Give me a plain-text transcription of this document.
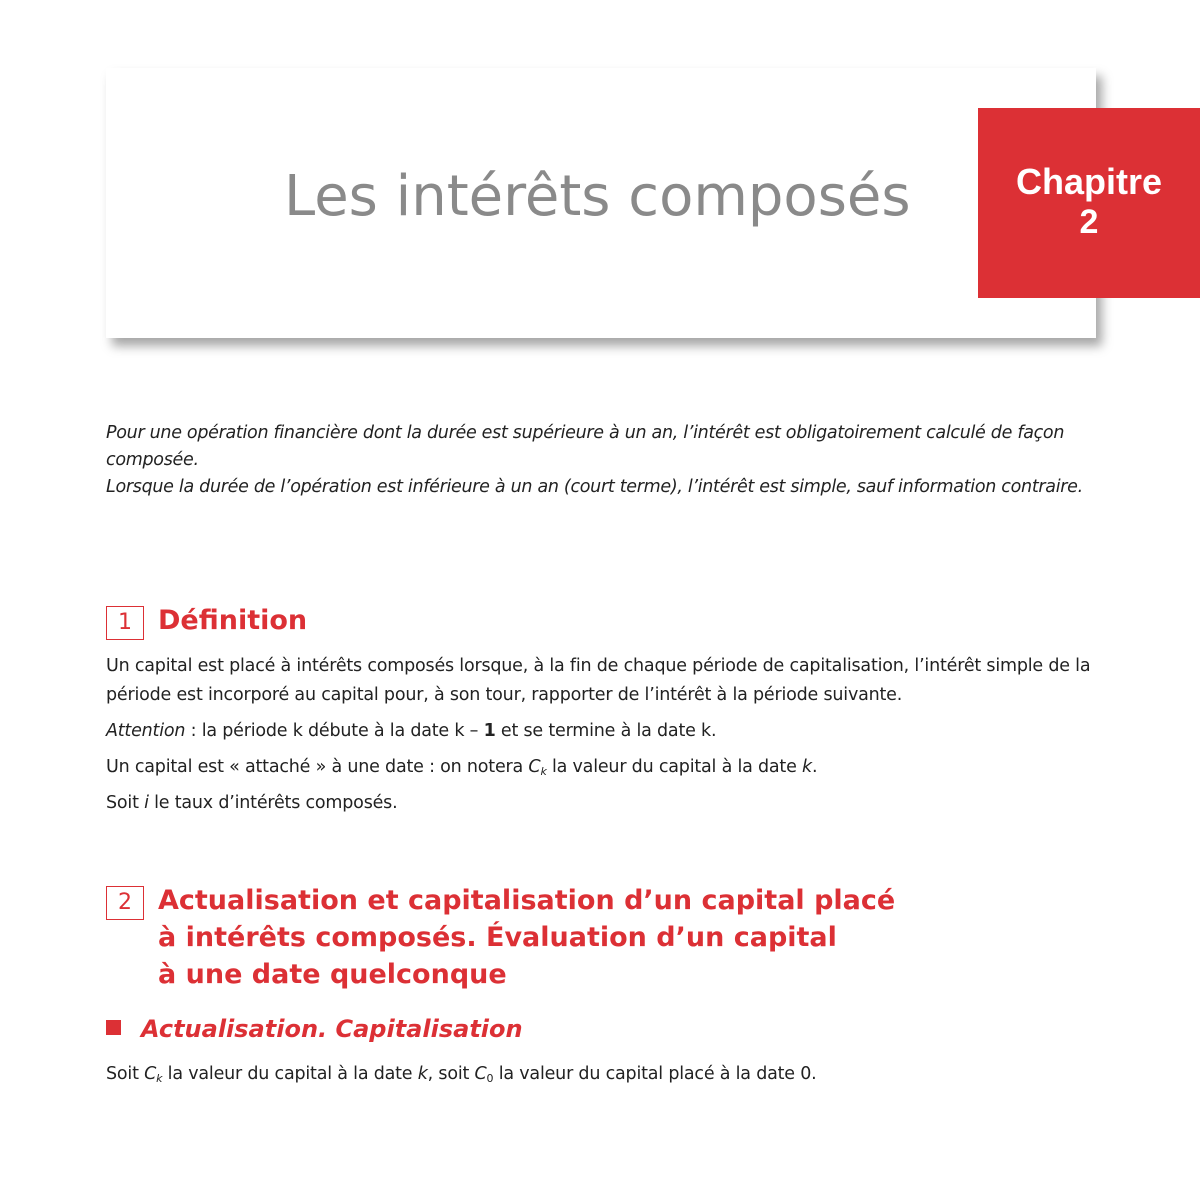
Les intérêts composés	Chapitre
2

Pour une opération financière dont la durée est supérieure à un an, l’intérêt est obligatoirement calculé de façon composée.

Lorsque la durée de l’opération est inférieure à un an (court terme), l’intérêt est simple, sauf information contraire.

1 Définition

Un capital est placé à intérêts composés lorsque, à la fin de chaque période de capitalisation, l’intérêt simple de la période est incorporé au capital pour, à son tour, rapporter de l’intérêt à la période suivante.

Attention : la période k débute à la date k – 1 et se termine à la date k.

Un capital est « attaché » à une date : on notera $C_k$ la valeur du capital à la date k.

Soit i le taux d’intérêts composés.

2 Actualisation et capitalisation d’un capital placé
à intérêts composés. Évaluation d’un capital
à une date quelconque
Actualisation. Capitalisation

Soit $C_k$ la valeur du capital à la date k, soit $C_0$ la valeur du capital placé à la date 0.
